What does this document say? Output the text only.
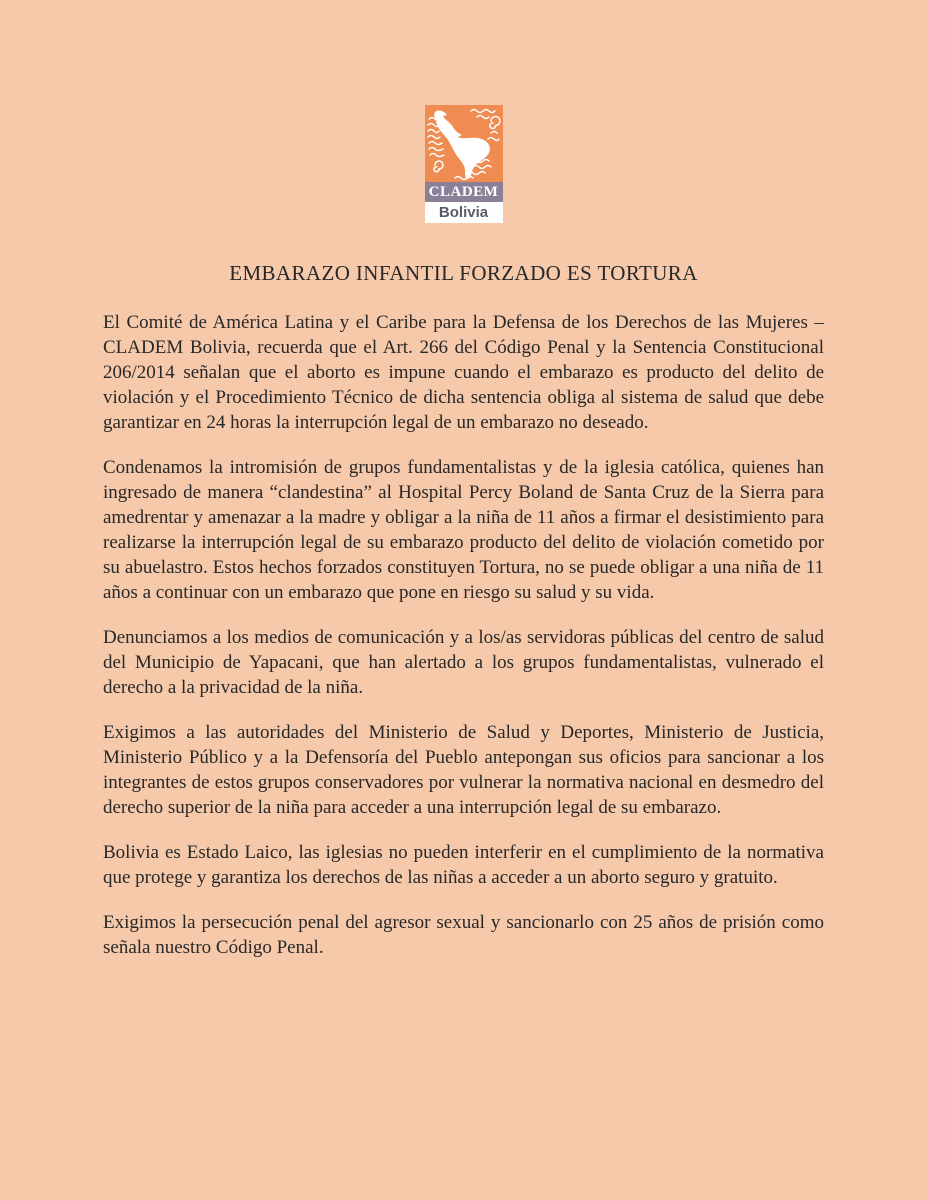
CLADEM
Bolivia
EMBARAZO INFANTIL FORZADO ES TORTURA

El Comité de América Latina y el Caribe para la Defensa de los Derechos de las Mujeres – CLADEM Bolivia, recuerda que el Art. 266 del Código Penal y la Sentencia Constitucional 206/2014 señalan que el aborto es impune cuando el embarazo es producto del delito de violación y el Procedimiento Técnico de dicha sentencia obliga al sistema de salud que debe garantizar en 24 horas la interrupción legal de un embarazo no deseado.

Condenamos la intromisión de grupos fundamentalistas y de la iglesia católica, quienes han ingresado de manera “clandestina” al Hospital Percy Boland de Santa Cruz de la Sierra para amedrentar y amenazar a la madre y obligar a la niña de 11 años a firmar el desistimiento para realizarse la interrupción legal de su embarazo producto del delito de violación cometido por su abuelastro. Estos hechos forzados constituyen Tortura, no se puede obligar a una niña de 11 años a continuar con un embarazo que pone en riesgo su salud y su vida.

Denunciamos a los medios de comunicación y a los/as servidoras públicas del centro de salud del Municipio de Yapacani, que han alertado a los grupos fundamentalistas, vulnerado el derecho a la privacidad de la niña.

Exigimos a las autoridades del Ministerio de Salud y Deportes, Ministerio de Justicia, Ministerio Público y a la Defensoría del Pueblo antepongan sus oficios para sancionar a los integrantes de estos grupos conservadores por vulnerar la normativa nacional en desmedro del derecho superior de la niña para acceder a una interrupción legal de su embarazo.

Bolivia es Estado Laico, las iglesias no pueden interferir en el cumplimiento de la normativa que protege y garantiza los derechos de las niñas a acceder a un aborto seguro y gratuito.

Exigimos la persecución penal del agresor sexual y sancionarlo con 25 años de prisión como señala nuestro Código Penal.
